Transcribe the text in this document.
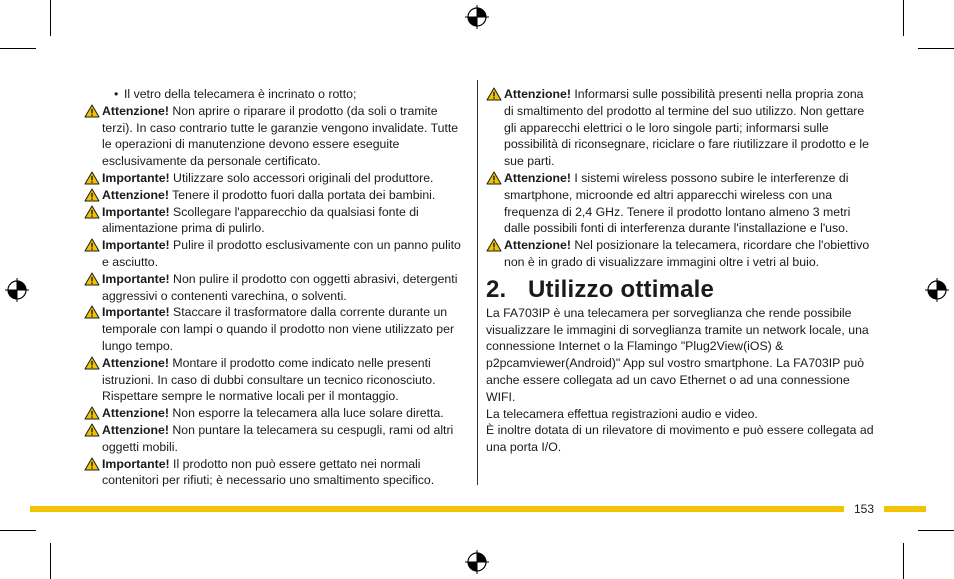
• Il vetro della telecamera è incrinato o rotto;
Attenzione! Non aprire o riparare il prodotto (da soli o tramite terzi). In caso contrario tutte le garanzie vengono invalidate. Tutte le operazioni di manutenzione devono essere eseguite esclusivamente da personale certificato.
Importante! Utilizzare solo accessori originali del produttore.
Attenzione! Tenere il prodotto fuori dalla portata dei bambini.
Importante! Scollegare l'apparecchio da qualsiasi fonte di alimentazione prima di pulirlo.
Importante! Pulire il prodotto esclusivamente con un panno pulito e asciutto.
Importante! Non pulire il prodotto con oggetti abrasivi, detergenti aggressivi o contenenti varechina, o solventi.
Importante! Staccare il trasformatore dalla corrente durante un temporale con lampi o quando il prodotto non viene utilizzato per lungo tempo.
Attenzione! Montare il prodotto come indicato nelle presenti istruzioni. In caso di dubbi consultare un tecnico riconosciuto. Rispettare sempre le normative locali per il montaggio.
Attenzione! Non esporre la telecamera alla luce solare diretta.
Attenzione! Non puntare la telecamera su cespugli, rami od altri oggetti mobili.
Importante! Il prodotto non può essere gettato nei normali contenitori per rifiuti; è necessario uno smaltimento specifico.
Attenzione! Informarsi sulle possibilità presenti nella propria zona di smaltimento del prodotto al termine del suo utilizzo. Non gettare gli apparecchi elettrici o le loro singole parti; informarsi sulle possibilità di riconsegnare, riciclare o fare riutilizzare il prodotto e le sue parti.
Attenzione! I sistemi wireless possono subire le interferenze di smartphone, microonde ed altri apparecchi wireless con una frequenza di 2,4 GHz. Tenere il prodotto lontano almeno 3 metri dalle possibili fonti di interferenza durante l'installazione e l'uso.
Attenzione! Nel posizionare la telecamera, ricordare che l'obiettivo non è in grado di visualizzare immagini oltre i vetri al buio.
2. Utilizzo ottimale

La FA703IP è una telecamera per sorveglianza che rende possibile visualizzare le immagini di sorveglianza tramite un network locale, una connessione Internet o la Flamingo "Plug2View(iOS) & p2pcamviewer(Android)" App sul vostro smartphone. La FA703IP può anche essere collegata ad un cavo Ethernet o ad una connessione WIFI.

La telecamera effettua registrazioni audio e video.

È inoltre dotata di un rilevatore di movimento e può essere collegata ad una porta I/O.

153
